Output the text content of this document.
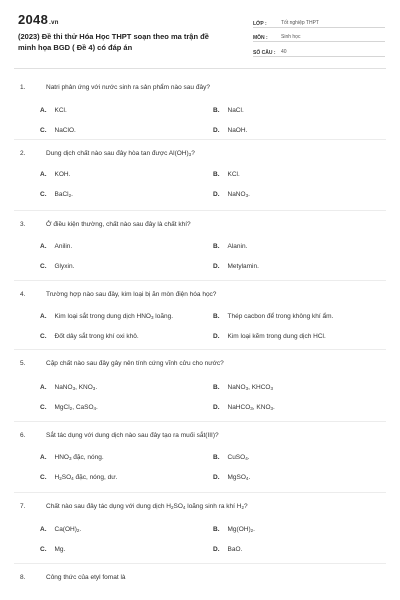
2048.vn
(2023) Đề thi thử Hóa Học THPT soạn theo ma trận đề minh họa BGD ( Đề 4) có đáp án
LỚP :	Tốt nghiệp THPT
MÔN :	Sinh học
SỐ CÂU :	40
1.	Natri phản ứng với nước sinh ra sản phẩm nào sau đây?
A. KCl.	B. NaCl.
C. NaClO.	D. NaOH.
2.	Dung dịch chất nào sau đây hòa tan được $Al(OH)_3$?
A. KOH.	B. KCl.
C. BaCl$_2$.	D. NaNO$_3$.
3.	Ở điều kiện thường, chất nào sau đây là chất khí?
A. Anilin.	B. Alanin.
C. Glyxin.	D. Metylamin.
4.	Trường hợp nào sau đây, kim loại bị ăn mòn điện hóa học?
A. Kim loại sắt trong dung dịch $HNO_3$ loãng.	B. Thép cacbon để trong không khí ẩm.
C. Đốt dây sắt trong khí oxi khô.	D. Kim loại kẽm trong dung dịch HCl.
5.	Cặp chất nào sau đây gây nên tính cứng vĩnh cửu cho nước?
A. NaNO$_3$, $KNO_3$.	B. NaNO$_3$, $KHCO_3$
C. MgCl$_2$, CaSO$_4$.	D. NaHCO$_3$, $KNO_3$.
6.	Sắt tác dụng với dung dịch nào sau đây tạo ra muối sắt(III)?
A. $HNO_3$ đặc, nóng.	B. CuSO$_4$.
C. $H_2SO_4$ đặc, nóng, dư.	D. MgSO$_4$.
7.	Chất nào sau đây tác dụng với dung dịch $H_2SO_4$ loãng sinh ra khí $H_2$?
A. $Ca(OH)_2$.	B. $Mg(OH)_2$.
C. Mg.	D. BaO.
8.	Công thức của etyl fomat là
